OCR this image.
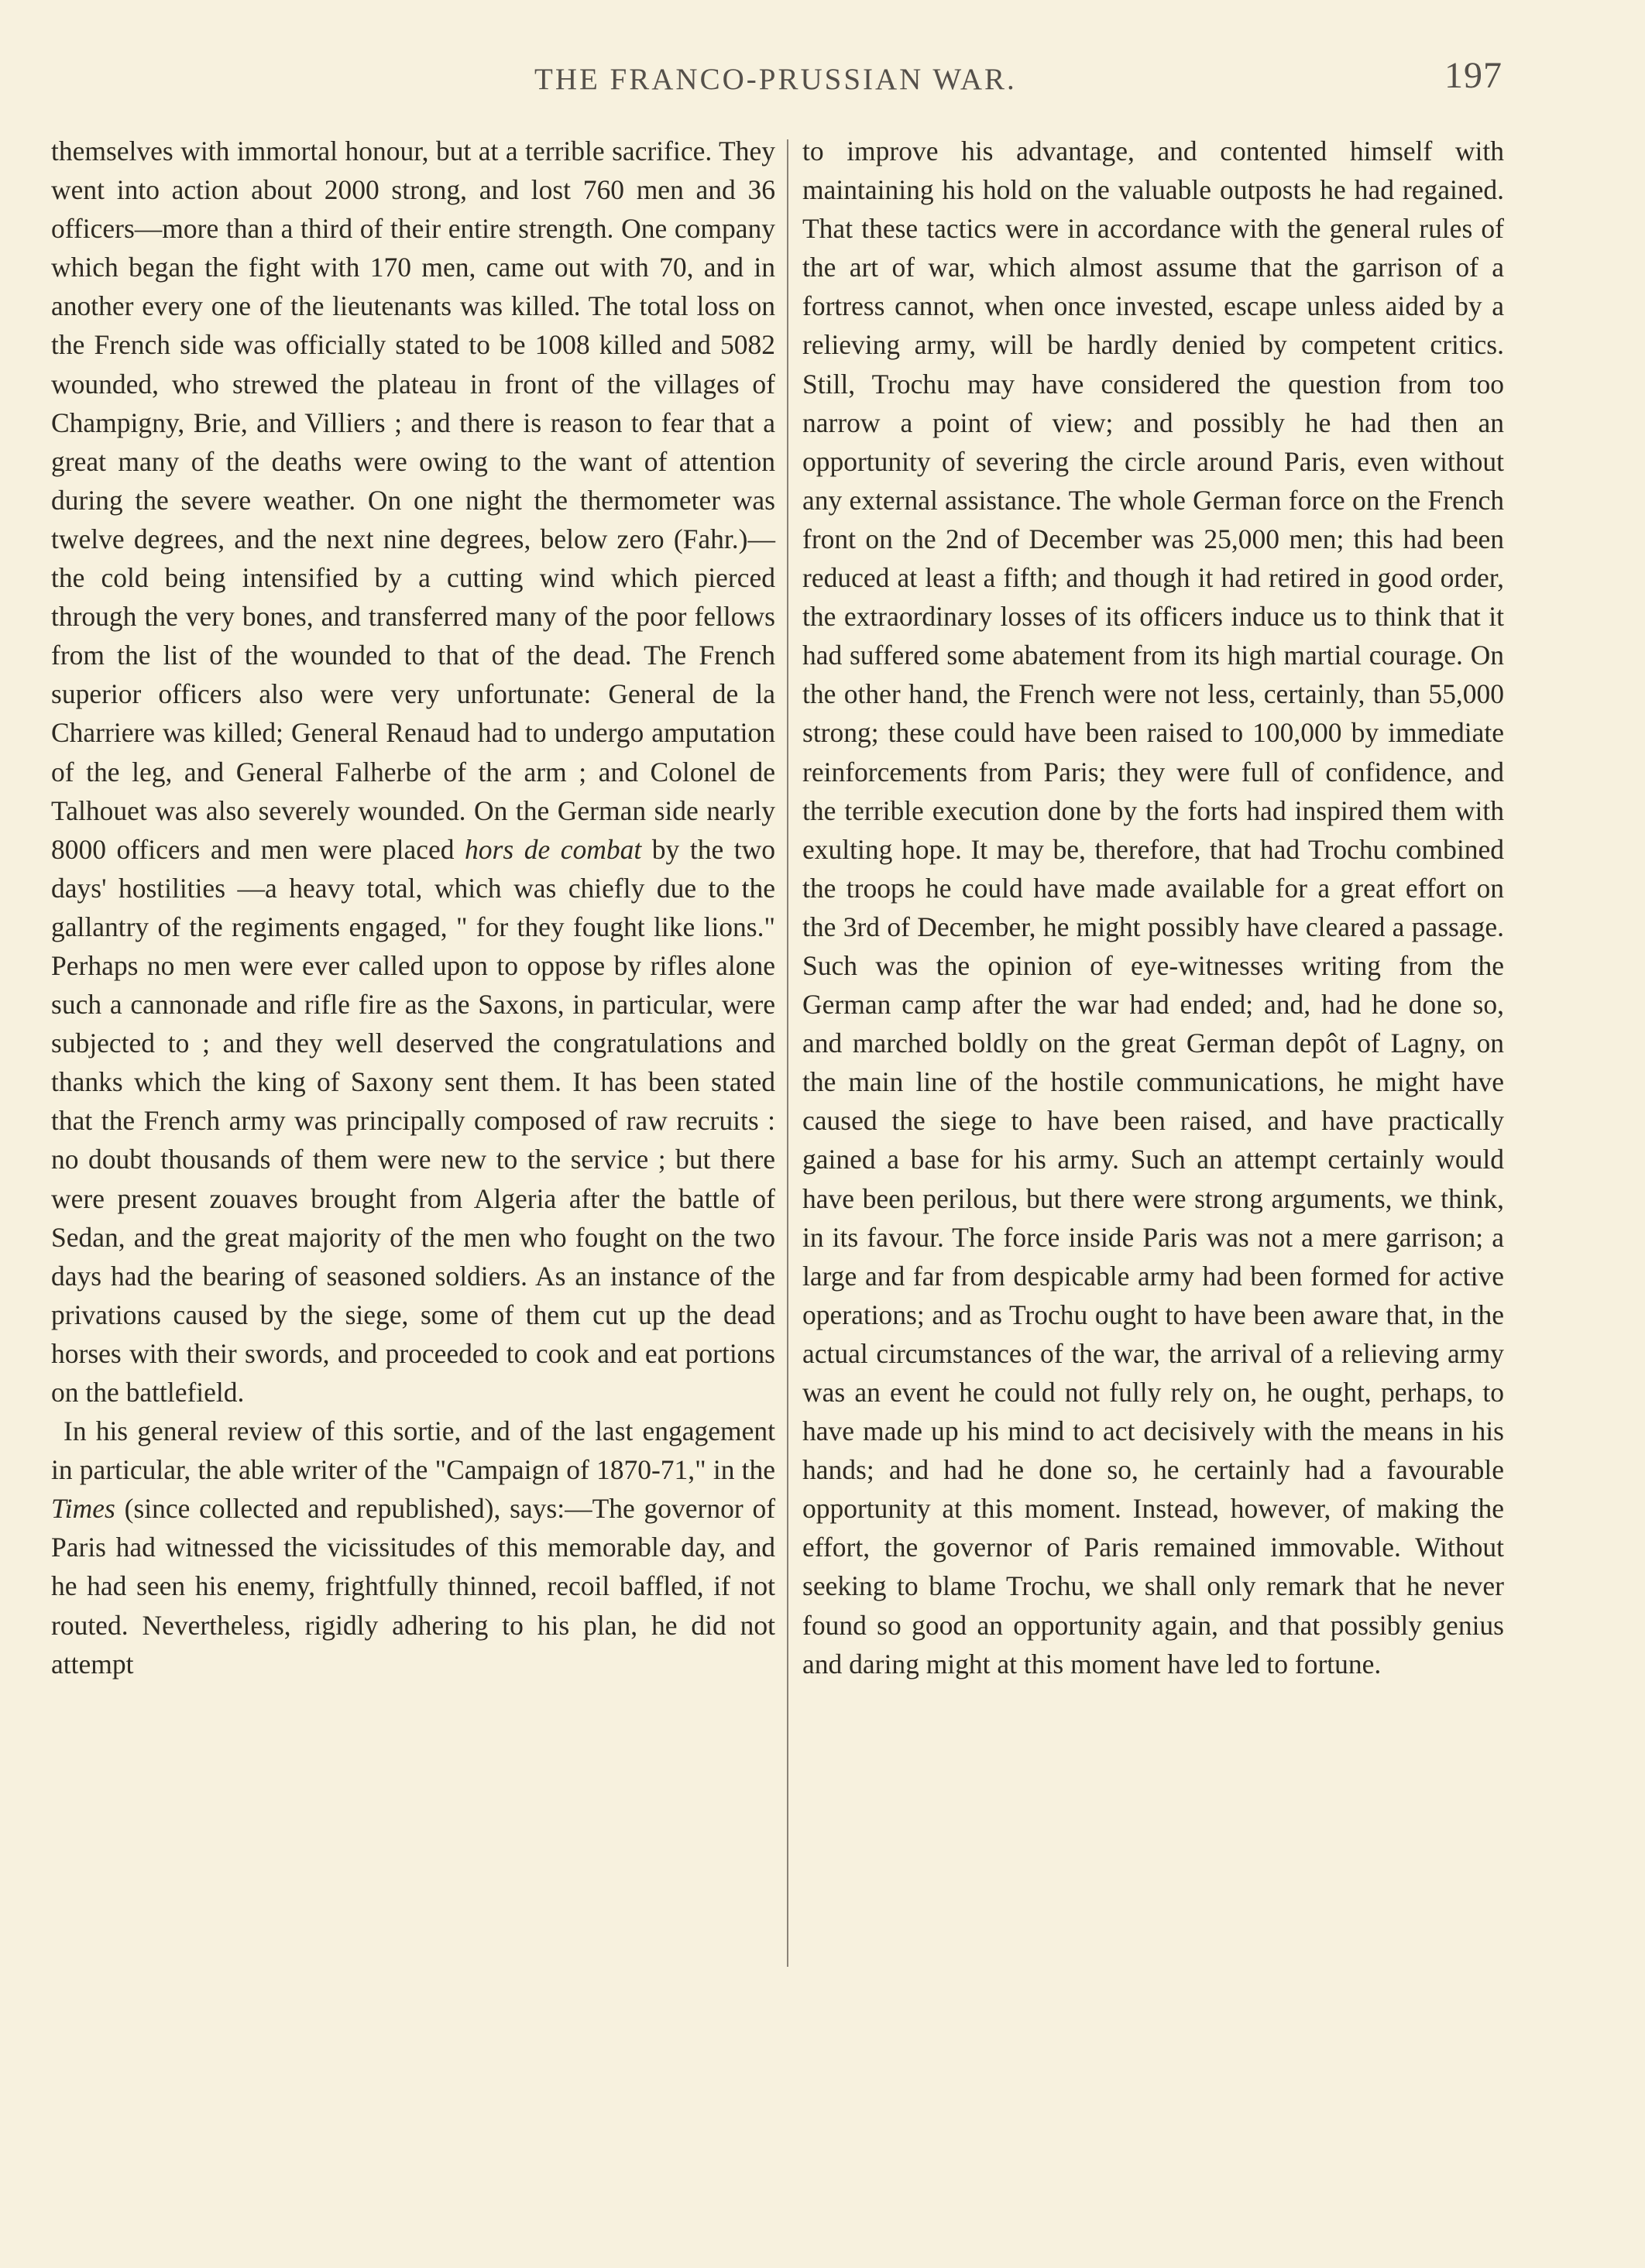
THE FRANCO-PRUSSIAN WAR.	197

themselves with immortal honour, but at a terrible sacrifice. They went into action about 2000 strong, and lost 760 men and 36 officers—more than a third of their entire strength. One company which began the fight with 170 men, came out with 70, and in another every one of the lieutenants was killed. The total loss on the French side was officially stated to be 1008 killed and 5082 wounded, who strewed the plateau in front of the villages of Champigny, Brie, and Villiers ; and there is reason to fear that a great many of the deaths were owing to the want of attention during the severe weather. On one night the thermometer was twelve degrees, and the next nine degrees, below zero (Fahr.)—the cold being intensified by a cutting wind which pierced through the very bones, and transferred many of the poor fellows from the list of the wounded to that of the dead. The French superior officers also were very unfortunate: General de la Charriere was killed; General Renaud had to undergo amputation of the leg, and General Falherbe of the arm ; and Colonel de Talhouet was also severely wounded. On the German side nearly 8000 officers and men were placed hors de combat by the two days' hostilities —a heavy total, which was chiefly due to the gallantry of the regiments engaged, " for they fought like lions." Perhaps no men were ever called upon to oppose by rifles alone such a cannonade and rifle fire as the Saxons, in particular, were subjected to ; and they well deserved the congratulations and thanks which the king of Saxony sent them. It has been stated that the French army was principally composed of raw recruits : no doubt thousands of them were new to the service ; but there were present zouaves brought from Algeria after the battle of Sedan, and the great majority of the men who fought on the two days had the bearing of seasoned soldiers. As an instance of the privations caused by the siege, some of them cut up the dead horses with their swords, and proceeded to cook and eat portions on the battlefield.

In his general review of this sortie, and of the last engagement in particular, the able writer of the "Campaign of 1870-71," in the Times (since collected and republished), says:—The governor of Paris had witnessed the vicissitudes of this memorable day, and he had seen his enemy, frightfully thinned, recoil baffled, if not routed. Nevertheless, rigidly adhering to his plan, he did not attempt

to improve his advantage, and contented himself with maintaining his hold on the valuable outposts he had regained. That these tactics were in accordance with the general rules of the art of war, which almost assume that the garrison of a fortress cannot, when once invested, escape unless aided by a relieving army, will be hardly denied by competent critics. Still, Trochu may have considered the question from too narrow a point of view; and possibly he had then an opportunity of severing the circle around Paris, even without any external assistance. The whole German force on the French front on the 2nd of December was 25,000 men; this had been reduced at least a fifth; and though it had retired in good order, the extraordinary losses of its officers induce us to think that it had suffered some abatement from its high martial courage. On the other hand, the French were not less, certainly, than 55,000 strong; these could have been raised to 100,000 by immediate reinforcements from Paris; they were full of confidence, and the terrible execution done by the forts had inspired them with exulting hope. It may be, therefore, that had Trochu combined the troops he could have made available for a great effort on the 3rd of December, he might possibly have cleared a passage. Such was the opinion of eye-witnesses writing from the German camp after the war had ended; and, had he done so, and marched boldly on the great German depôt of Lagny, on the main line of the hostile communications, he might have caused the siege to have been raised, and have practically gained a base for his army. Such an attempt certainly would have been perilous, but there were strong arguments, we think, in its favour. The force inside Paris was not a mere garrison; a large and far from despicable army had been formed for active operations; and as Trochu ought to have been aware that, in the actual circumstances of the war, the arrival of a relieving army was an event he could not fully rely on, he ought, perhaps, to have made up his mind to act decisively with the means in his hands; and had he done so, he certainly had a favourable opportunity at this moment. Instead, however, of making the effort, the governor of Paris remained immovable. Without seeking to blame Trochu, we shall only remark that he never found so good an opportunity again, and that possibly genius and daring might at this moment have led to fortune.
